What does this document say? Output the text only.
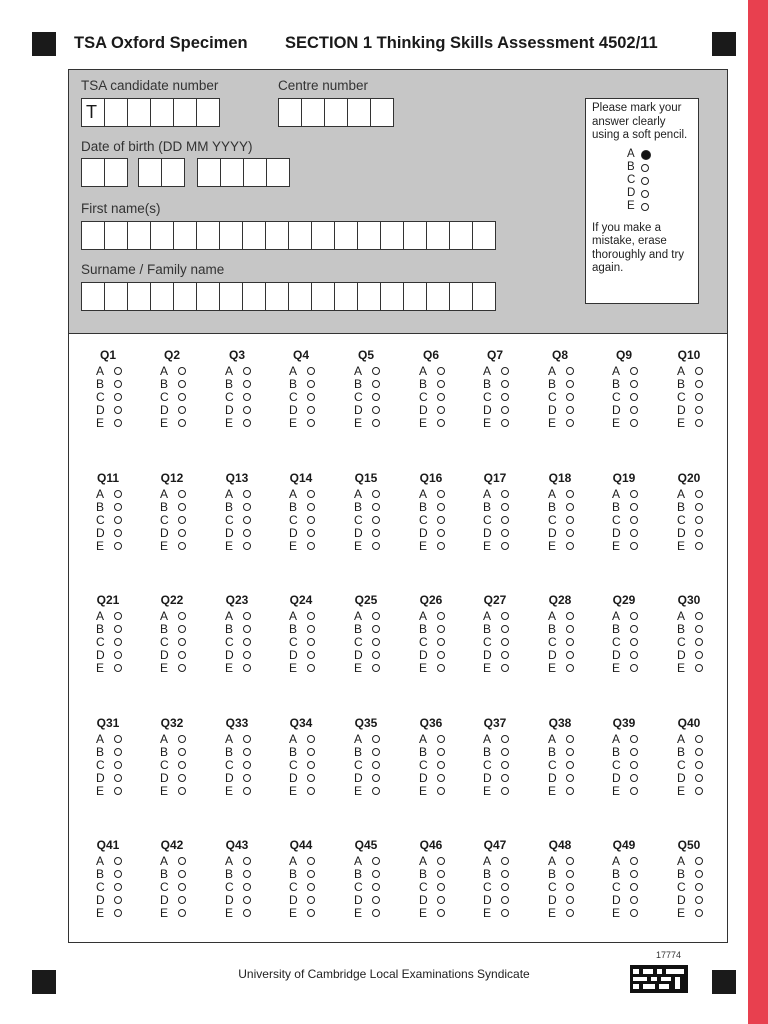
TSA Oxford Specimen SECTION 1 Thinking Skills Assessment 4502/11
TSA candidate number
T
Centre number
Date of birth (DD MM YYYY)
First name(s)
Surname / Family name
Please mark your answer clearly using a soft pencil.
A
B
C
D
E
If you make a mistake, erase thoroughly and try again.
Q1
A
B
C
D
E
Q2
A
B
C
D
E
Q3
A
B
C
D
E
Q4
A
B
C
D
E
Q5
A
B
C
D
E
Q6
A
B
C
D
E
Q7
A
B
C
D
E
Q8
A
B
C
D
E
Q9
A
B
C
D
E
Q10
A
B
C
D
E
Q11
A
B
C
D
E
Q12
A
B
C
D
E
Q13
A
B
C
D
E
Q14
A
B
C
D
E
Q15
A
B
C
D
E
Q16
A
B
C
D
E
Q17
A
B
C
D
E
Q18
A
B
C
D
E
Q19
A
B
C
D
E
Q20
A
B
C
D
E
Q21
A
B
C
D
E
Q22
A
B
C
D
E
Q23
A
B
C
D
E
Q24
A
B
C
D
E
Q25
A
B
C
D
E
Q26
A
B
C
D
E
Q27
A
B
C
D
E
Q28
A
B
C
D
E
Q29
A
B
C
D
E
Q30
A
B
C
D
E
Q31
A
B
C
D
E
Q32
A
B
C
D
E
Q33
A
B
C
D
E
Q34
A
B
C
D
E
Q35
A
B
C
D
E
Q36
A
B
C
D
E
Q37
A
B
C
D
E
Q38
A
B
C
D
E
Q39
A
B
C
D
E
Q40
A
B
C
D
E
Q41
A
B
C
D
E
Q42
A
B
C
D
E
Q43
A
B
C
D
E
Q44
A
B
C
D
E
Q45
A
B
C
D
E
Q46
A
B
C
D
E
Q47
A
B
C
D
E
Q48
A
B
C
D
E
Q49
A
B
C
D
E
Q50
A
B
C
D
E
17774
University of Cambridge Local Examinations Syndicate
